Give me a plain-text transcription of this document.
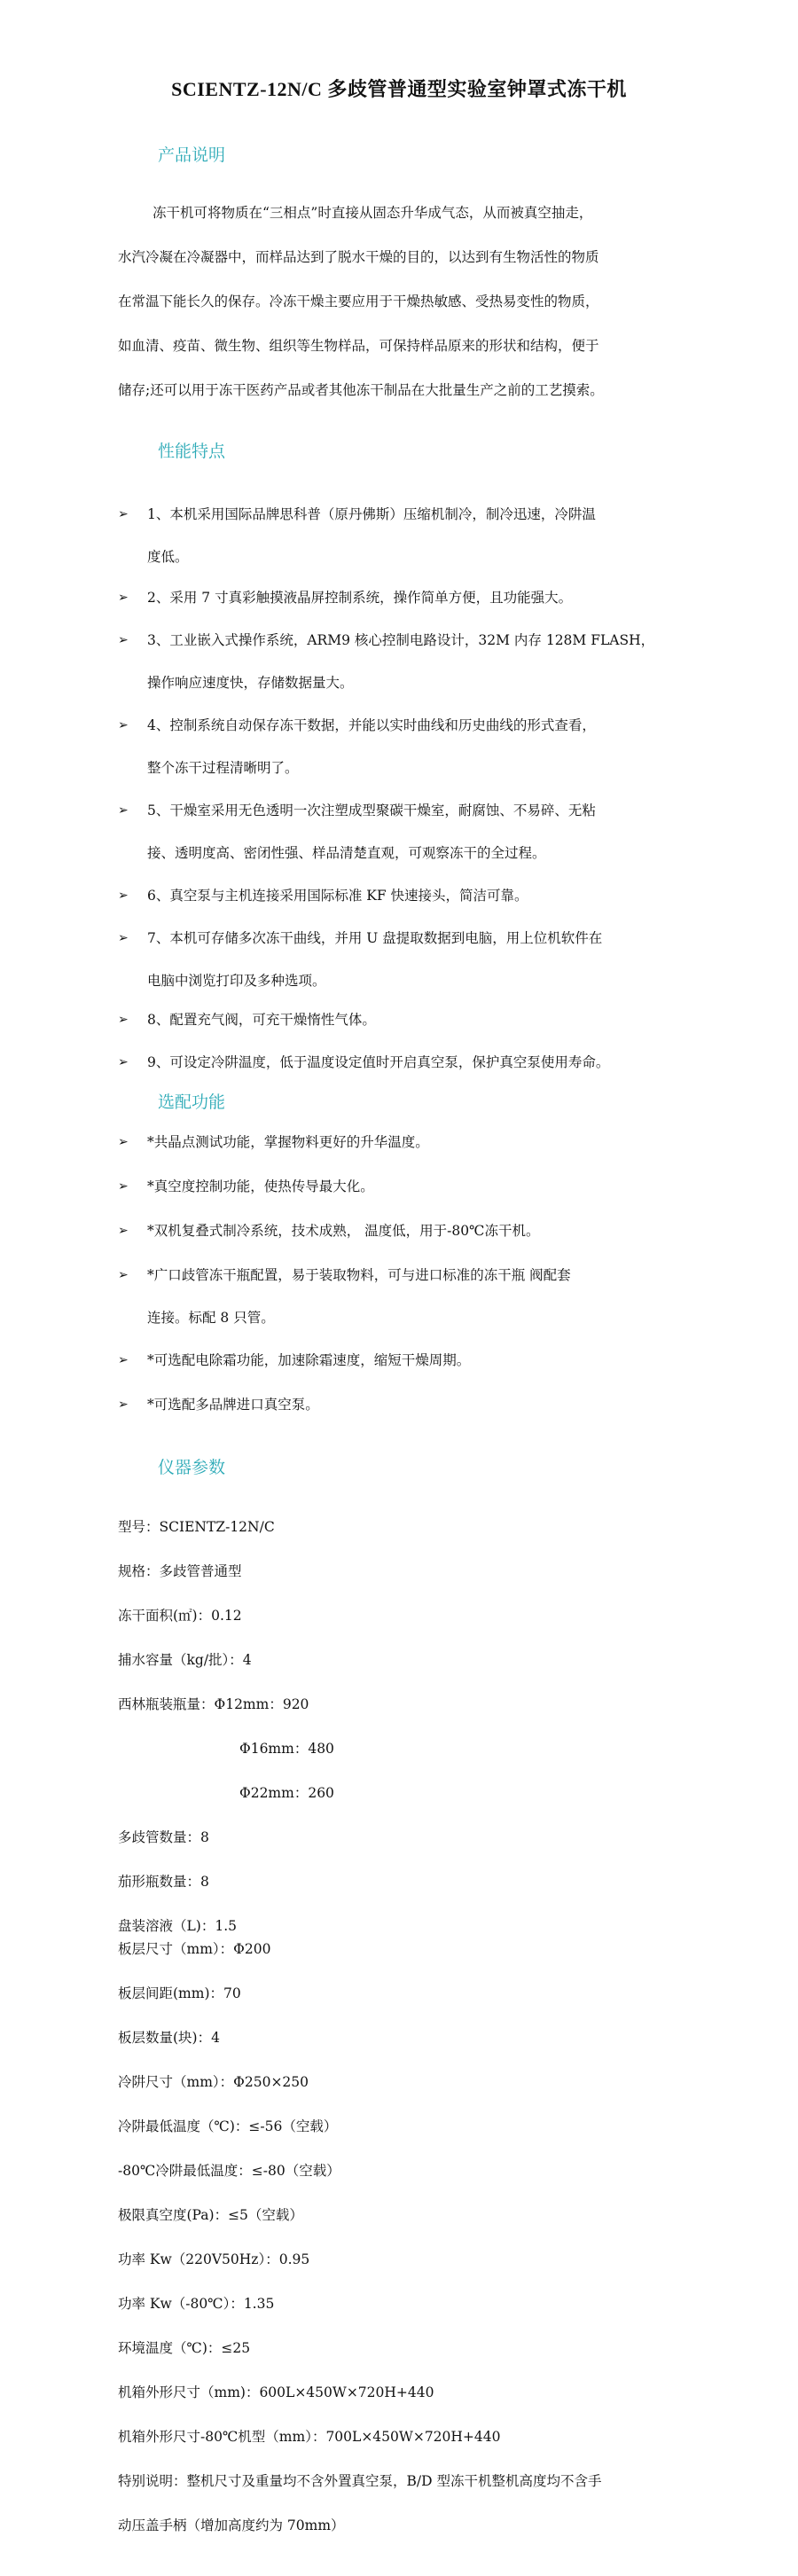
SCIENTZ-12N/C 多歧管普通型实验室钟罩式冻干机
产品说明
冻干机可将物质在“三相点”时直接从固态升华成气态，从而被真空抽走，
水汽冷凝在冷凝器中，而样品达到了脱水干燥的目的，以达到有生物活性的物质
在常温下能长久的保存。冷冻干燥主要应用于干燥热敏感、受热易变性的物质，
如血清、疫苗、微生物、组织等生物样品，可保持样品原来的形状和结构，便于
储存;还可以用于冻干医药产品或者其他冻干制品在大批量生产之前的工艺摸索。
性能特点
➢ 1、本机采用国际品牌思科普（原丹佛斯）压缩机制冷，制冷迅速，冷阱温
度低。
➢ 2、采用 7 寸真彩触摸液晶屏控制系统，操作简单方便，且功能强大。
➢ 3、工业嵌入式操作系统，ARM9 核心控制电路设计，32M 内存 128M FLASH，
操作响应速度快，存储数据量大。
➢ 4、控制系统自动保存冻干数据，并能以实时曲线和历史曲线的形式查看，
整个冻干过程清晰明了。
➢ 5、干燥室采用无色透明一次注塑成型聚碳干燥室，耐腐蚀、不易碎、无粘
接、透明度高、密闭性强、样品清楚直观，可观察冻干的全过程。
➢ 6、真空泵与主机连接采用国际标准 KF 快速接头，简洁可靠。
➢ 7、本机可存储多次冻干曲线，并用 U 盘提取数据到电脑，用上位机软件在
电脑中浏览打印及多种选项。
➢ 8、配置充气阀，可充干燥惰性气体。
➢ 9、可设定冷阱温度，低于温度设定值时开启真空泵，保护真空泵使用寿命。
选配功能
➢ *共晶点测试功能，掌握物料更好的升华温度。
➢ *真空度控制功能，使热传导最大化。
➢ *双机复叠式制冷系统，技术成熟， 温度低，用于-80℃冻干机。
➢ *广口歧管冻干瓶配置，易于装取物料，可与进口标准的冻干瓶 阀配套
连接。标配 8 只管。
➢ *可选配电除霜功能，加速除霜速度，缩短干燥周期。
➢ *可选配多品牌进口真空泵。
仪器参数
型号：SCIENTZ-12N/C
规格：多歧管普通型
冻干面积(㎡)：0.12
捕水容量（kg/批）：4
西林瓶装瓶量：Φ12mm：920
Φ16mm：480
Φ22mm：260
多歧管数量：8
茄形瓶数量：8
盘装溶液（L)：1.5
板层尺寸（mm）：Φ200
板层间距(mm)：70
板层数量(块)：4
冷阱尺寸（mm）：Φ250×250
冷阱最低温度（℃)：≤-56（空载）
-80℃冷阱最低温度：≤-80（空载）
极限真空度(Pa)：≤5（空载）
功率 Kw（220V50Hz）：0.95
功率 Kw（-80℃）：1.35
环境温度（℃)：≤25
机箱外形尺寸（mm)：600L×450W×720H+440
机箱外形尺寸-80℃机型（mm）：700L×450W×720H+440
特别说明：整机尺寸及重量均不含外置真空泵，B/D 型冻干机整机高度均不含手
动压盖手柄（增加高度约为 70mm）
